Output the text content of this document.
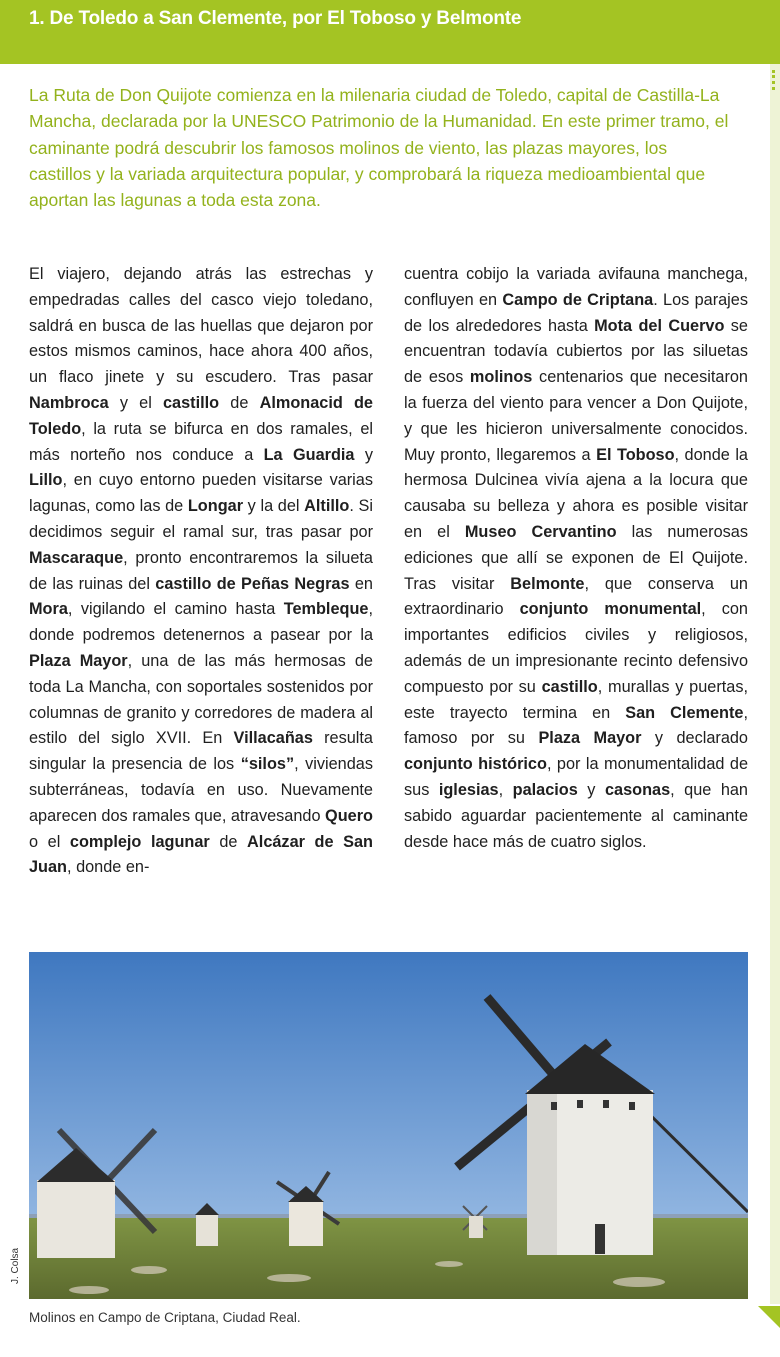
1. De Toledo a San Clemente, por El Toboso y Belmonte

La Ruta de Don Quijote comienza en la milenaria ciudad de Toledo, capital de Castilla-La Mancha, declarada por la UNESCO Patrimonio de la Humanidad. En este primer tramo, el caminante podrá descubrir los famosos molinos de viento, las plazas mayores, los castillos y la variada arquitectura popular, y comprobará la riqueza medioambiental que aportan las lagunas a toda esta zona.

El viajero, dejando atrás las estrechas y empedradas calles del casco viejo toledano, saldrá en busca de las huellas que dejaron por estos mismos caminos, hace ahora 400 años, un flaco jinete y su escudero. Tras pasar Nambroca y el castillo de Almonacid de Toledo, la ruta se bifurca en dos ramales, el más norteño nos conduce a La Guardia y Lillo, en cuyo entorno pueden visitarse varias lagunas, como las de Longar y la del Altillo. Si decidimos seguir el ramal sur, tras pasar por Mascaraque, pronto encontraremos la silueta de las ruinas del castillo de Peñas Negras en Mora, vigilando el camino hasta Tembleque, donde podremos detenernos a pasear por la Plaza Mayor, una de las más hermosas de toda La Mancha, con soportales sostenidos por columnas de granito y corredores de madera al estilo del siglo XVII. En Villacañas resulta singular la presencia de los “silos”, viviendas subterráneas, todavía en uso. Nuevamente aparecen dos ramales que, atravesando Quero o el complejo lagunar de Alcázar de San Juan, donde en-

cuentra cobijo la variada avifauna manchega, confluyen en Campo de Criptana. Los parajes de los alrededores hasta Mota del Cuervo se encuentran todavía cubiertos por las siluetas de esos molinos centenarios que necesitaron la fuerza del viento para vencer a Don Quijote, y que les hicieron universalmente conocidos. Muy pronto, llegaremos a El Toboso, donde la hermosa Dulcinea vivía ajena a la locura que causaba su belleza y ahora es posible visitar en el Museo Cervantino las numerosas ediciones que allí se exponen de El Quijote. Tras visitar Belmonte, que conserva un extraordinario conjunto monumental, con importantes edificios civiles y religiosos, además de un impresionante recinto defensivo compuesto por su castillo, murallas y puertas, este trayecto termina en San Clemente, famoso por su Plaza Mayor y declarado conjunto histórico, por la monumentalidad de sus iglesias, palacios y casonas, que han sabido aguardar pacientemente al caminante desde hace más de cuatro siglos.

J. Colsa

Molinos en Campo de Criptana, Ciudad Real.
